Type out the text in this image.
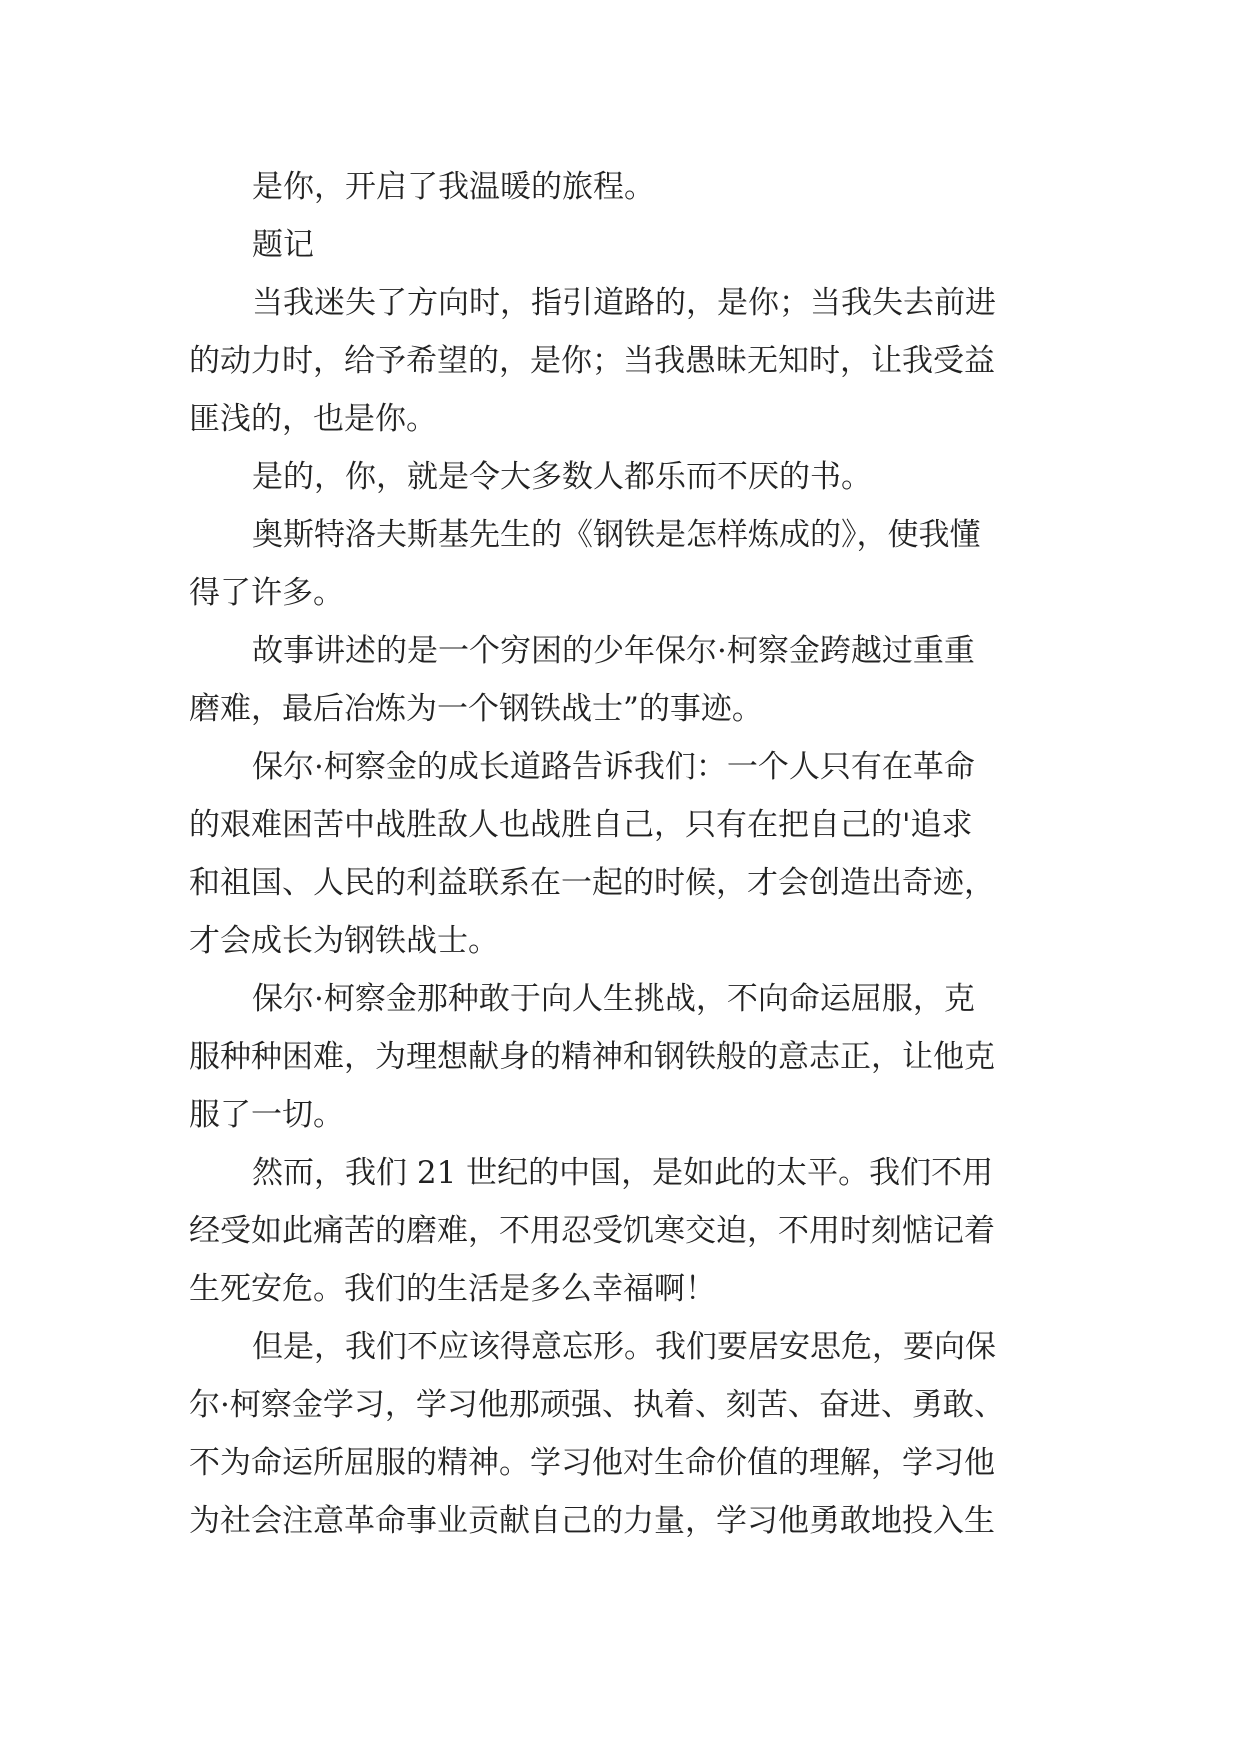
是你，开启了我温暖的旅程。
题记
当我迷失了方向时，指引道路的，是你；当我失去前进
的动力时，给予希望的，是你；当我愚昧无知时，让我受益
匪浅的，也是你。
是的，你，就是令大多数人都乐而不厌的书。
奥斯特洛夫斯基先生的《钢铁是怎样炼成的》，使我懂
得了许多。
故事讲述的是一个穷困的少年保尔·柯察金跨越过重重
磨难，最后冶炼为一个钢铁战士”的事迹。
保尔·柯察金的成长道路告诉我们：一个人只有在革命
的艰难困苦中战胜敌人也战胜自己，只有在把自己的'追求
和祖国、人民的利益联系在一起的时候，才会创造出奇迹，
才会成长为钢铁战士。
保尔·柯察金那种敢于向人生挑战，不向命运屈服，克
服种种困难，为理想献身的精神和钢铁般的意志正，让他克
服了一切。
然而，我们 21 世纪的中国，是如此的太平。我们不用
经受如此痛苦的磨难，不用忍受饥寒交迫，不用时刻惦记着
生死安危。我们的生活是多么幸福啊！
但是，我们不应该得意忘形。我们要居安思危，要向保
尔·柯察金学习，学习他那顽强、执着、刻苦、奋进、勇敢、
不为命运所屈服的精神。学习他对生命价值的理解，学习他
为社会注意革命事业贡献自己的力量，学习他勇敢地投入生
